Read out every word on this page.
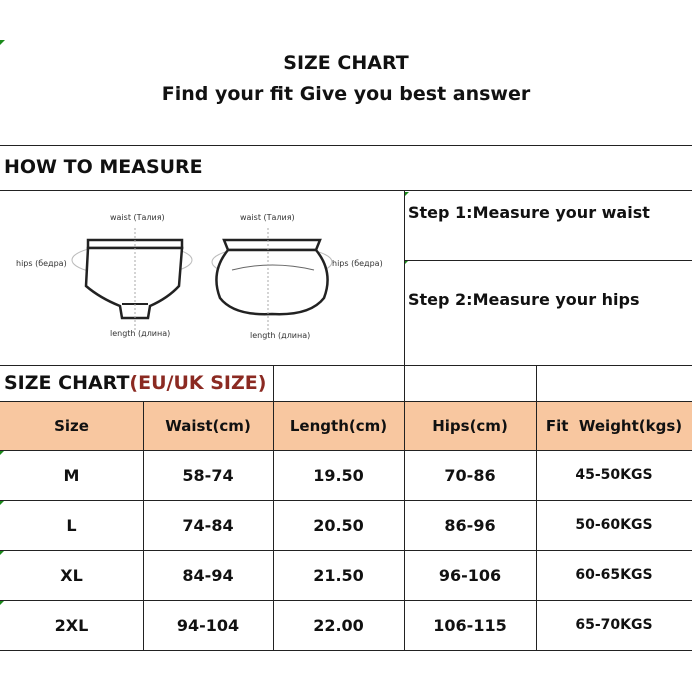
SIZE CHART
Find your fit Give you best answer
HOW TO MEASURE
Step 1:Measure your waist
Step 2:Measure your hips
waist (Талия)	waist (Талия)
hips (бедра)	hips (бедра)
length (длина)	length (длина)
SIZE CHART(EU/UK SIZE)
Size	Waist(cm)	Length(cm)	Hips(cm)	Fit  Weight(kgs)
M	58-74	19.50	70-86	45-50KGS
L	74-84	20.50	86-96	50-60KGS
XL	84-94	21.50	96-106	60-65KGS
2XL	94-104	22.00	106-115	65-70KGS
